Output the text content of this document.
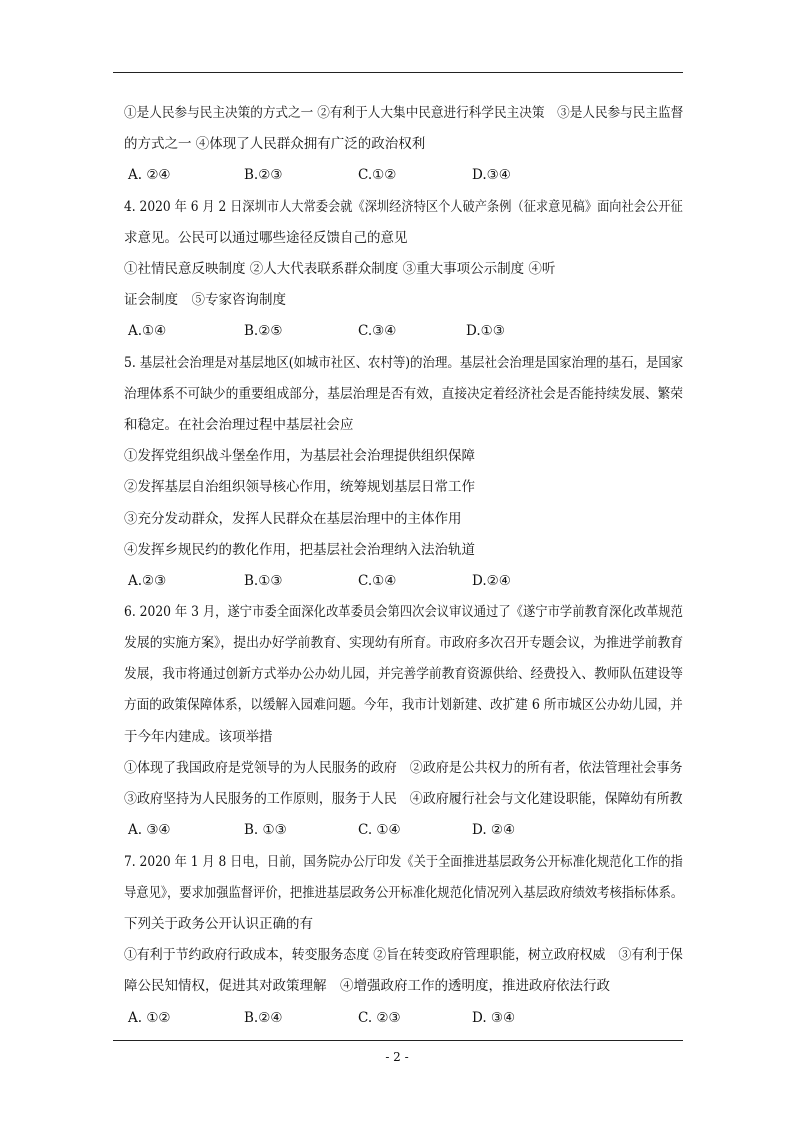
①是人民参与民主决策的方式之一 ②有利于人大集中民意进行科学民主决策　③是人民参与民主监督
的方式之一 ④体现了人民群众拥有广泛的政治权利
A. ②④	B.②③	C.①②	D.③④
4. 2020 年 6 月 2 日深圳市人大常委会就《深圳经济特区个人破产条例（征求意见稿》面向社会公开征
求意见。公民可以通过哪些途径反馈自己的意见
①社情民意反映制度 ②人大代表联系群众制度 ③重大事项公示制度 ④听
证会制度　⑤专家咨询制度
A.①④	B.②⑤	C.③④	D.①③
5. 基层社会治理是对基层地区(如城市社区、农村等)的治理。基层社会治理是国家治理的基石，是国家
治理体系不可缺少的重要组成部分，基层治理是否有效，直接决定着经济社会是否能持续发展、繁荣
和稳定。在社会治理过程中基层社会应
①发挥党组织战斗堡垒作用，为基层社会治理提供组织保障
②发挥基层自治组织领导核心作用，统筹规划基层日常工作
③充分发动群众，发挥人民群众在基层治理中的主体作用
④发挥乡规民约的教化作用，把基层社会治理纳入法治轨道
A.②③	B.①③	C.①④	D.②④
6. 2020 年 3 月，遂宁市委全面深化改革委员会第四次会议审议通过了《遂宁市学前教育深化改革规范
发展的实施方案》，提出办好学前教育、实现幼有所育。市政府多次召开专题会议，为推进学前教育
发展，我市将通过创新方式举办公办幼儿园，并完善学前教育资源供给、经费投入、教师队伍建设等
方面的政策保障体系，以缓解入园难问题。今年，我市计划新建、改扩建 6 所市城区公办幼儿园，并
于今年内建成。该项举措
①体现了我国政府是党领导的为人民服务的政府　②政府是公共权力的所有者，依法管理社会事务
③政府坚持为人民服务的工作原则，服务于人民　④政府履行社会与文化建设职能，保障幼有所教
A. ③④	B. ①③	C. ①④	D. ②④
7. 2020 年 1 月 8 日电，日前，国务院办公厅印发《关于全面推进基层政务公开标准化规范化工作的指
导意见》，要求加强监督评价，把推进基层政务公开标准化规范化情况列入基层政府绩效考核指标体系。
下列关于政务公开认识正确的有
①有利于节约政府行政成本，转变服务态度 ②旨在转变政府管理职能，树立政府权威　③有利于保
障公民知情权，促进其对政策理解　④增强政府工作的透明度，推进政府依法行政
A. ①②	B.②④	C. ②③	D. ③④
- 2 -
